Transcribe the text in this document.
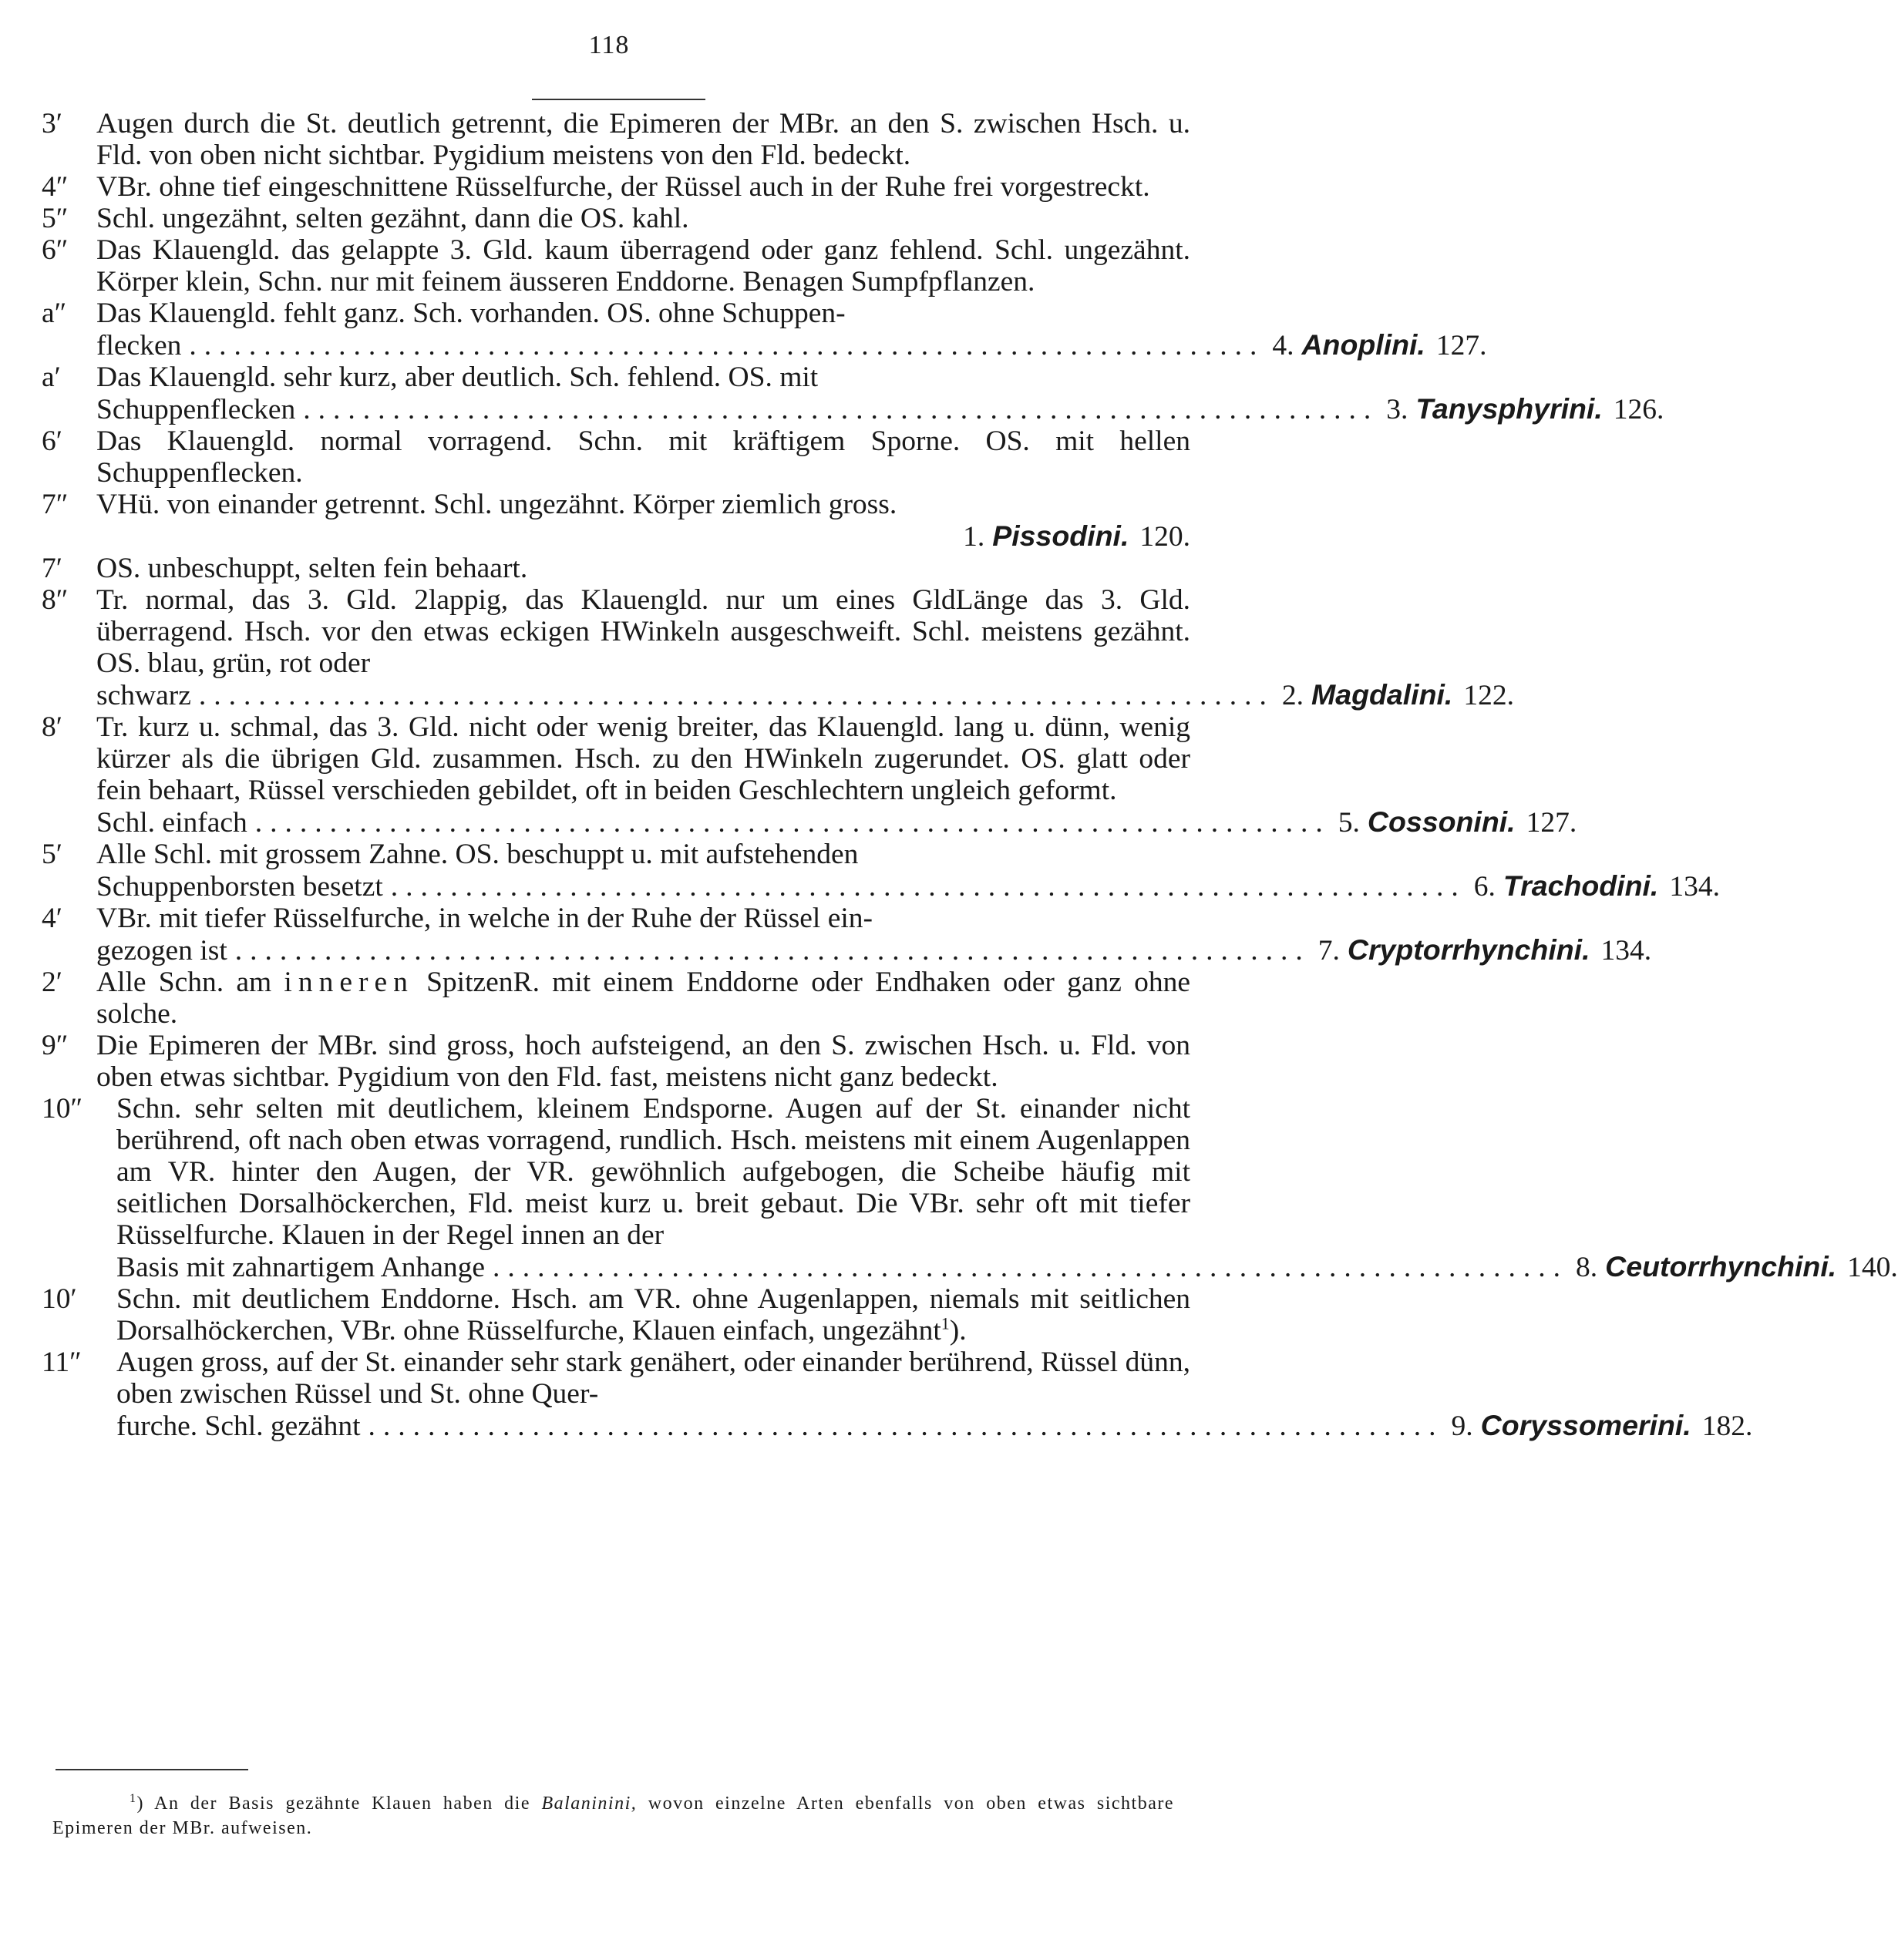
118
3′	Augen durch die St. deutlich getrennt, die Epimeren der MBr. an den S. zwischen Hsch. u. Fld. von oben nicht sichtbar. Pygidium meistens von den Fld. bedeckt.
4″ VBr. ohne tief eingeschnittene Rüsselfurche, der Rüssel auch in der Ruhe frei vorgestreckt.
5″ Schl. ungezähnt, selten gezähnt, dann die OS. kahl.
6″ Das Klauengld. das gelappte 3. Gld. kaum überragend oder ganz fehlend. Schl. ungezähnt. Körper klein, Schn. nur mit feinem äusseren Enddorne. Benagen Sumpfpflanzen.
a″	Das Klauengld. fehlt ganz. Sch. vorhanden. OS. ohne Schuppen-
flecken ........................................................................ 4. Anoplini. 127.
a′	Das Klauengld. sehr kurz, aber deutlich. Sch. fehlend. OS. mit
Schuppenflecken ........................................................................ 3. Tanysphyrini. 126.
6′	Das Klauengld. normal vorragend. Schn. mit kräftigem Sporne. OS. mit hellen Schuppenflecken.
7″ VHü. von einander getrennt. Schl. ungezähnt. Körper ziemlich gross.
1. Pissodini. 120.
7′	OS. unbeschuppt, selten fein behaart.
8″ Tr. normal, das 3. Gld. 2lappig, das Klauengld. nur um eines GldLänge das 3. Gld. überragend. Hsch. vor den etwas eckigen HWinkeln ausgeschweift. Schl. meistens gezähnt. OS. blau, grün, rot oder
schwarz ........................................................................ 2. Magdalini. 122.
8′	Tr. kurz u. schmal, das 3. Gld. nicht oder wenig breiter, das Klauengld. lang u. dünn, wenig kürzer als die übrigen Gld. zusammen. Hsch. zu den HWinkeln zugerundet. OS. glatt oder fein behaart, Rüssel verschieden gebildet, oft in beiden Geschlechtern ungleich geformt.
Schl. einfach ........................................................................ 5. Cossonini. 127.
5′	Alle Schl. mit grossem Zahne. OS. beschuppt u. mit aufstehenden
Schuppenborsten besetzt ........................................................................ 6. Trachodini. 134.
4′	VBr. mit tiefer Rüsselfurche, in welche in der Ruhe der Rüssel ein-
gezogen ist ........................................................................ 7. Cryptorrhynchini. 134.
2′	Alle Schn. am inneren SpitzenR. mit einem Enddorne oder Endhaken oder ganz ohne solche.
9″ Die Epimeren der MBr. sind gross, hoch aufsteigend, an den S. zwischen Hsch. u. Fld. von oben etwas sichtbar. Pygidium von den Fld. fast, meistens nicht ganz bedeckt.
10″ Schn. sehr selten mit deutlichem, kleinem Endsporne. Augen auf der St. einander nicht berührend, oft nach oben etwas vorragend, rundlich. Hsch. meistens mit einem Augenlappen am VR. hinter den Augen, der VR. gewöhnlich aufgebogen, die Scheibe häufig mit seitlichen Dorsalhöckerchen, Fld. meist kurz u. breit gebaut. Die VBr. sehr oft mit tiefer Rüsselfurche. Klauen in der Regel innen an der
Basis mit zahnartigem Anhange ........................................................................ 8. Ceutorrhynchini. 140.
10′	Schn. mit deutlichem Enddorne. Hsch. am VR. ohne Augenlappen, niemals mit seitlichen Dorsalhöckerchen, VBr. ohne Rüsselfurche, Klauen einfach, ungezähnt$^1$).
11″ Augen gross, auf der St. einander sehr stark genähert, oder einander berührend, Rüssel dünn, oben zwischen Rüssel und St. ohne Quer-
furche. Schl. gezähnt ........................................................................ 9. Coryssomerini. 182.
$^1$) An der Basis gezähnte Klauen haben die Balaninini, wovon einzelne Arten ebenfalls von oben etwas sichtbare Epimeren der MBr. aufweisen.
